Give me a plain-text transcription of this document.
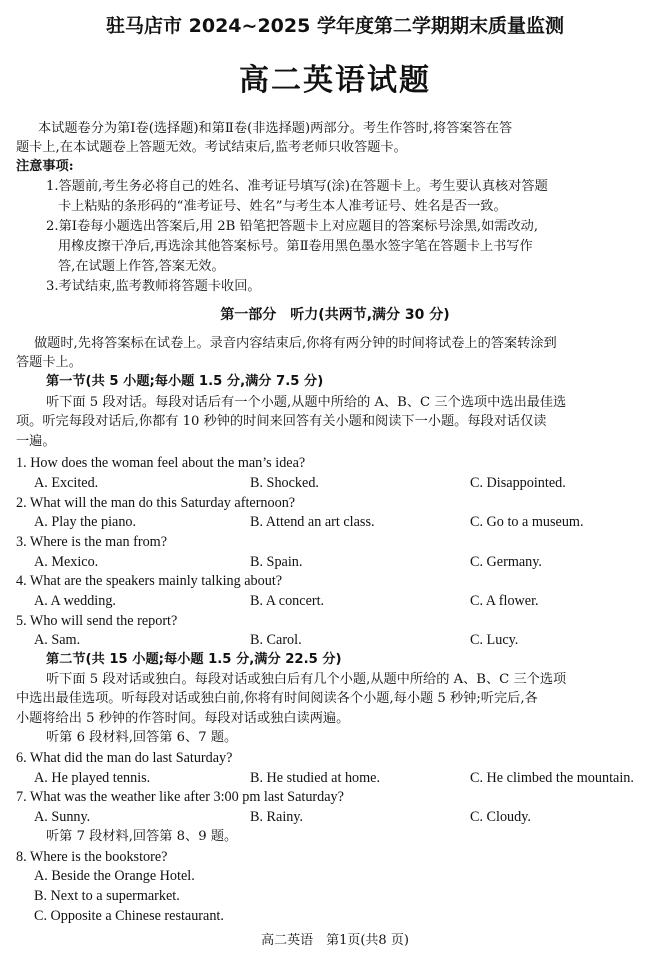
驻马店市 2024~2025 学年度第二学期期末质量监测
高二英语试题
本试题卷分为第Ⅰ卷(选择题)和第Ⅱ卷(非选择题)两部分。考生作答时,将答案答在答
题卡上,在本试题卷上答题无效。考试结束后,监考老师只收答题卡。
注意事项:
1.答题前,考生务必将自己的姓名、准考证号填写(涂)在答题卡上。考生要认真核对答题
卡上粘贴的条形码的“准考证号、姓名”与考生本人准考证号、姓名是否一致。
2.第Ⅰ卷每小题选出答案后,用 2B 铅笔把答题卡上对应题目的答案标号涂黑,如需改动,
用橡皮擦干净后,再选涂其他答案标号。第Ⅱ卷用黑色墨水签字笔在答题卡上书写作
答,在试题上作答,答案无效。
3.考试结束,监考教师将答题卡收回。
第一部分　听力(共两节,满分 30 分)
做题时,先将答案标在试卷上。录音内容结束后,你将有两分钟的时间将试卷上的答案转涂到
答题卡上。
第一节(共 5 小题;每小题 1.5 分,满分 7.5 分)
听下面 5 段对话。每段对话后有一个小题,从题中所给的 A、B、C 三个选项中选出最佳选
项。听完每段对话后,你都有 10 秒钟的时间来回答有关小题和阅读下一小题。每段对话仅读
一遍。
1. How does the woman feel about the man’s idea?
A. Excited.	B. Shocked.	C. Disappointed.
2. What will the man do this Saturday afternoon?
A. Play the piano.	B. Attend an art class.	C. Go to a museum.
3. Where is the man from?
A. Mexico.	B. Spain.	C. Germany.
4. What are the speakers mainly talking about?
A. A wedding.	B. A concert.	C. A flower.
5. Who will send the report?
A. Sam.	B. Carol.	C. Lucy.
第二节(共 15 小题;每小题 1.5 分,满分 22.5 分)
听下面 5 段对话或独白。每段对话或独白后有几个小题,从题中所给的 A、B、C 三个选项
中选出最佳选项。听每段对话或独白前,你将有时间阅读各个小题,每小题 5 秒钟;听完后,各
小题将给出 5 秒钟的作答时间。每段对话或独白读两遍。
听第 6 段材料,回答第 6、7 题。
6. What did the man do last Saturday?
A. He played tennis.	B. He studied at home.	C. He climbed the mountain.
7. What was the weather like after 3:00 pm last Saturday?
A. Sunny.	B. Rainy.	C. Cloudy.
听第 7 段材料,回答第 8、9 题。
8. Where is the bookstore?
A. Beside the Orange Hotel.
B. Next to a supermarket.
C. Opposite a Chinese restaurant.
高二英语　第1页(共8 页)
